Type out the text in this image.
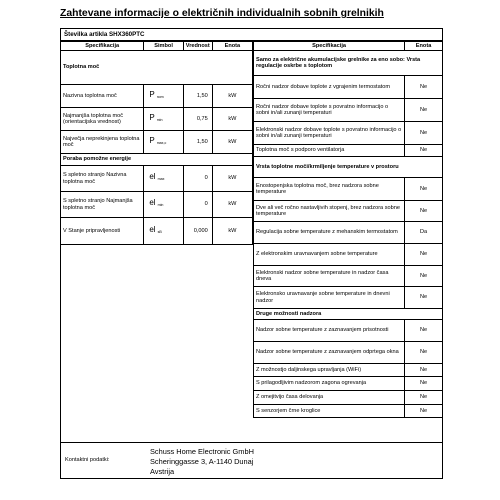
Zahtevane informacije o električnih individualnih sobnih grelnikih
Številka artikla SHX360PTC
Specifikacija	Simbol	Vrednost	Enota
Toplotna moč			
Nazivna toplotna moč	P $_{nom}$	1,50	kW
Najmanjša toplotna moč (orientacijska vrednost)	P $_{min}$	0,75	kW
Največja neprekinjena toplotna moč	P $_{max,c}$	1,50	kW
Poraba pomožne energije			
S spletno stranjo Nazivna toplotna moč	el $_{max}$	0	kW
S spletno stranjo Najmanjša toplotna moč	el $_{min}$	0	kW
V Stanje pripravljenosti	el $_{sB}$	0,000	kW
Specifikacija	Enota
Samo za električne akumulacijske grelnike za eno sobo: Vrsta regulacije oskrbe s toplotom	
Ročni nadzor dobave toplote z vgrajenim termostatom	Ne
Ročni nadzor dobave toplote s povratno informacijo o sobni in/ali zunanji temperaturi	Ne
Elektronski nadzor dobave toplote s povratno informacijo o sobni in/ali zunanji temperaturi	Ne
Toplotna moč s podporo ventilatorja	Ne
Vrsta toplotne moči/krmiljenje temperature v prostoru	
Enostopenjska toplotna moč, brez nadzora sobne temperature	Ne
Dve ali več ročno nastavljivih stopenj, brez nadzora sobne temperature	Ne
Regulacija sobne temperature z mehanskim termostatom	Da
Z elektronskim uravnavanjem sobne temperature	Ne
Elektronski nadzor sobne temperature in nadzor časa dneva	Ne
Elektronsko uravnavanje sobne temperature in dnevni nadzor	Ne
Druge možnosti nadzora	
Nadzor sobne temperature z zaznavanjem prisotnosti	Ne
Nadzor sobne temperature z zaznavanjem odprtega okna	Ne
Z možnostjo daljinskega upravljanja (WiFi)	Ne
S prilagodljivim nadzorom zagona ogrevanja	Ne
Z omejitvijo časa delovanja	Ne
S senzorjem črne kroglice	Ne
Kontaktni podatki:
Schuss Home Electronic GmbH
Scheringgasse 3, A-1140 Dunaj
Avstrija
